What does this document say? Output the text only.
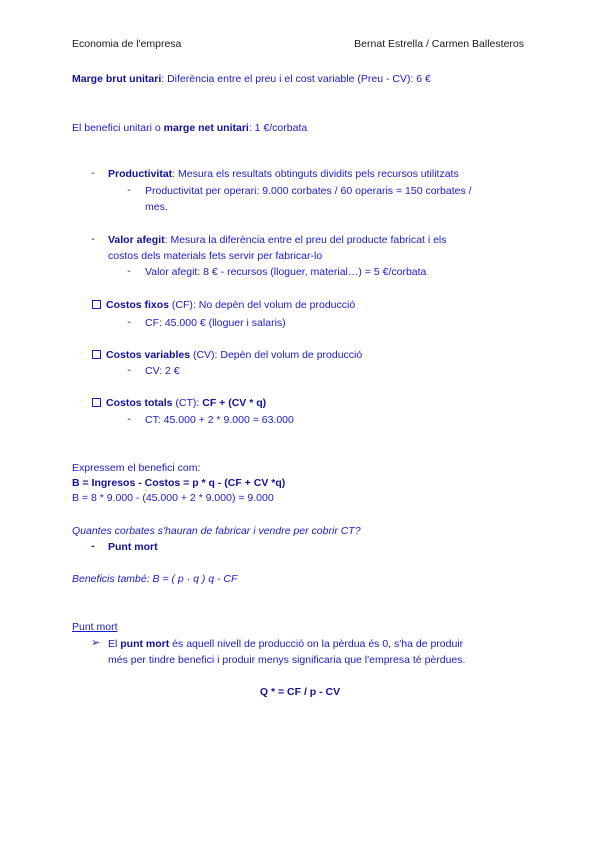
Economia de l'empresa	Bernat Estrella / Carmen Ballesteros
Marge brut unitari: Diferència entre el preu i el cost variable (Preu - CV): 6 €
El benefici unitari o marge net unitari: 1 €/corbata
- Productivitat: Mesura els resultats obtinguts dividits pels recursos utilitzats
- Productivitat per operari: 9.000 corbates / 60 operaris = 150 corbates /
mes.
- Valor afegit: Mesura la diferència entre el preu del producte fabricat i els
costos dels materials fets servir per fabricar-lo
- Valor afegit: 8 € - recursos (lloguer, material…) = 5 €/corbata
Costos fixos (CF): No depèn del volum de producció
- CF: 45.000 € (lloguer i salaris)
Costos variables (CV): Depèn del volum de producció
- CV: 2 €
Costos totals (CT): CF + (CV * q)
- CT: 45.000 + 2 * 9.000 = 63.000
Expressem el benefici com:
B = Ingresos - Costos = p * q - (CF + CV *q)
B = 8 * 9.000 - (45.000 + 2 * 9.000) = 9.000
Quantes corbates s'hauran de fabricar i vendre per cobrir CT?
- Punt mort
Beneficis també: B = ( p · q ) q - CF
Punt mort
➢ El punt mort és aquell nivell de producció on la pèrdua és 0, s'ha de produir
més per tindre benefici i produir menys significaria que l'empresa té pèrdues.
Q * = CF / p - CV
